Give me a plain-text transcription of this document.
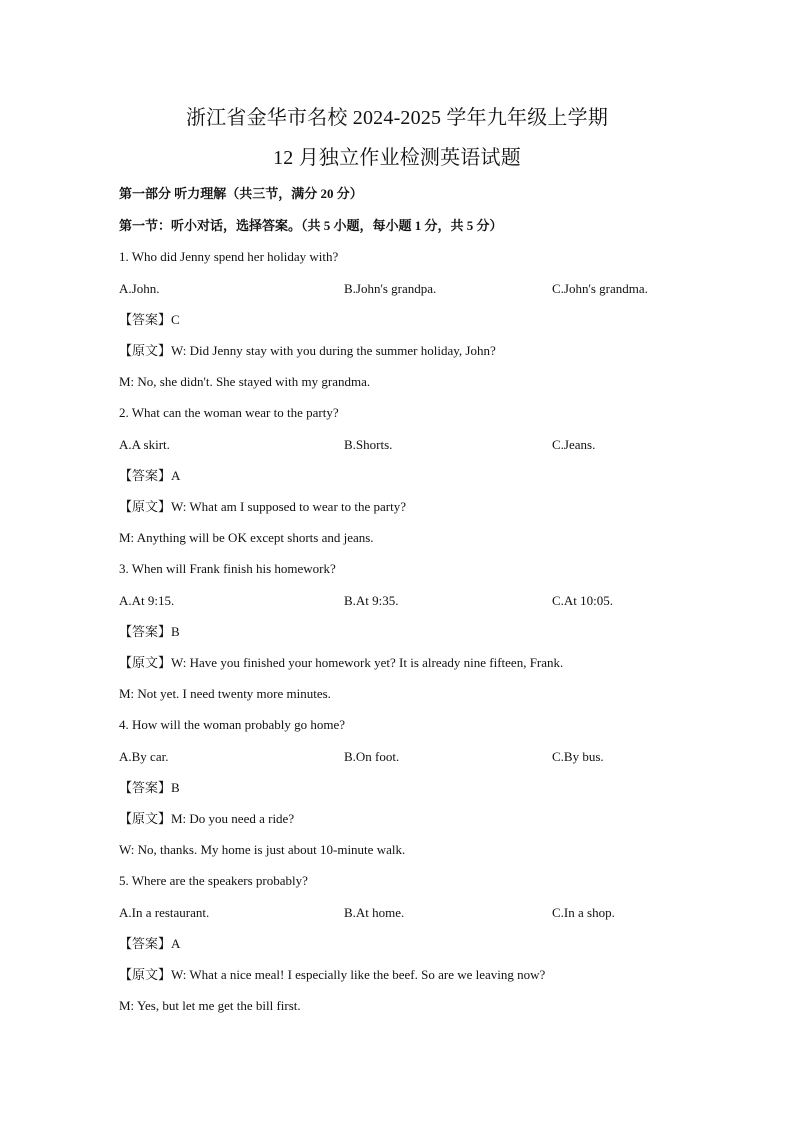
浙江省金华市名校 2024-2025 学年九年级上学期
12 月独立作业检测英语试题
第一部分 听力理解（共三节，满分 20 分）
第一节：听小对话，选择答案。（共 5 小题，每小题 1 分，共 5 分）
1. Who did Jenny spend her holiday with?
A.John.	B.John's grandpa.	C.John's grandma.
【答案】C
【原文】W: Did Jenny stay with you during the summer holiday, John?
M: No, she didn't. She stayed with my grandma.
2. What can the woman wear to the party?
A.A skirt.	B.Shorts.	C.Jeans.
【答案】A
【原文】W: What am I supposed to wear to the party?
M: Anything will be OK except shorts and jeans.
3. When will Frank finish his homework?
A.At 9:15.	B.At 9:35.	C.At 10:05.
【答案】B
【原文】W: Have you finished your homework yet? It is already nine fifteen, Frank.
M: Not yet. I need twenty more minutes.
4. How will the woman probably go home?
A.By car.	B.On foot.	C.By bus.
【答案】B
【原文】M: Do you need a ride?
W: No, thanks. My home is just about 10-minute walk.
5. Where are the speakers probably?
A.In a restaurant.	B.At home.	C.In a shop.
【答案】A
【原文】W: What a nice meal! I especially like the beef. So are we leaving now?
M: Yes, but let me get the bill first.
